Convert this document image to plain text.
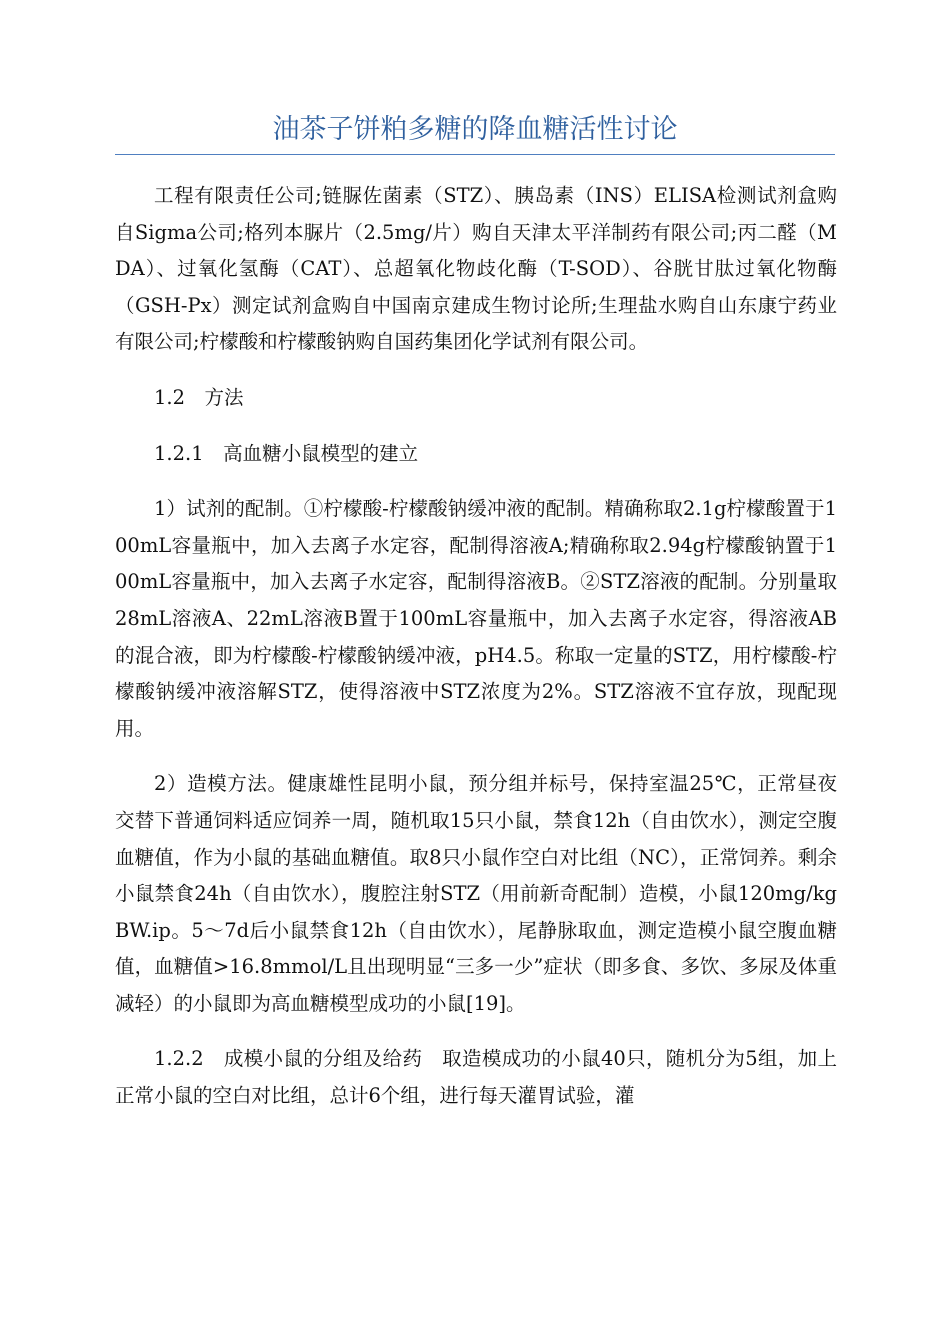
油茶子饼粕多糖的降血糖活性讨论

工程有限责任公司;链脲佐菌素（STZ）、胰岛素（INS）ELISA检测试剂盒购自Sigma公司;格列本脲片（2.5mg/片）购自天津太平洋制药有限公司;丙二醛（MDA）、过氧化氢酶（CAT）、总超氧化物歧化酶（T-SOD）、谷胱甘肽过氧化物酶（GSH-Px）测定试剂盒购自中国南京建成生物讨论所;生理盐水购自山东康宁药业有限公司;柠檬酸和柠檬酸钠购自国药集团化学试剂有限公司。

1.2　方法

1.2.1　高血糖小鼠模型的建立

1）试剂的配制。①柠檬酸-柠檬酸钠缓冲液的配制。精确称取2.1g柠檬酸置于100mL容量瓶中，加入去离子水定容，配制得溶液A;精确称取2.94g柠檬酸钠置于100mL容量瓶中，加入去离子水定容，配制得溶液B。②STZ溶液的配制。分别量取28mL溶液A、22mL溶液B置于100mL容量瓶中，加入去离子水定容，得溶液AB的混合液，即为柠檬酸-柠檬酸钠缓冲液，pH4.5。称取一定量的STZ，用柠檬酸-柠檬酸钠缓冲液溶解STZ，使得溶液中STZ浓度为2%。STZ溶液不宜存放，现配现用。

2）造模方法。健康雄性昆明小鼠，预分组并标号，保持室温25℃，正常昼夜交替下普通饲料适应饲养一周，随机取15只小鼠，禁食12h（自由饮水），测定空腹血糖值，作为小鼠的基础血糖值。取8只小鼠作空白对比组（NC），正常饲养。剩余小鼠禁食24h（自由饮水），腹腔注射STZ（用前新奇配制）造模，小鼠120mg/kgBW.ip。5～7d后小鼠禁食12h（自由饮水），尾静脉取血，测定造模小鼠空腹血糖值，血糖值>16.8mmol/L且出现明显“三多一少”症状（即多食、多饮、多尿及体重减轻）的小鼠即为高血糖模型成功的小鼠[19]。

1.2.2　成模小鼠的分组及给药　取造模成功的小鼠40只，随机分为5组，加上正常小鼠的空白对比组，总计6个组，进行每天灌胃试验，灌
